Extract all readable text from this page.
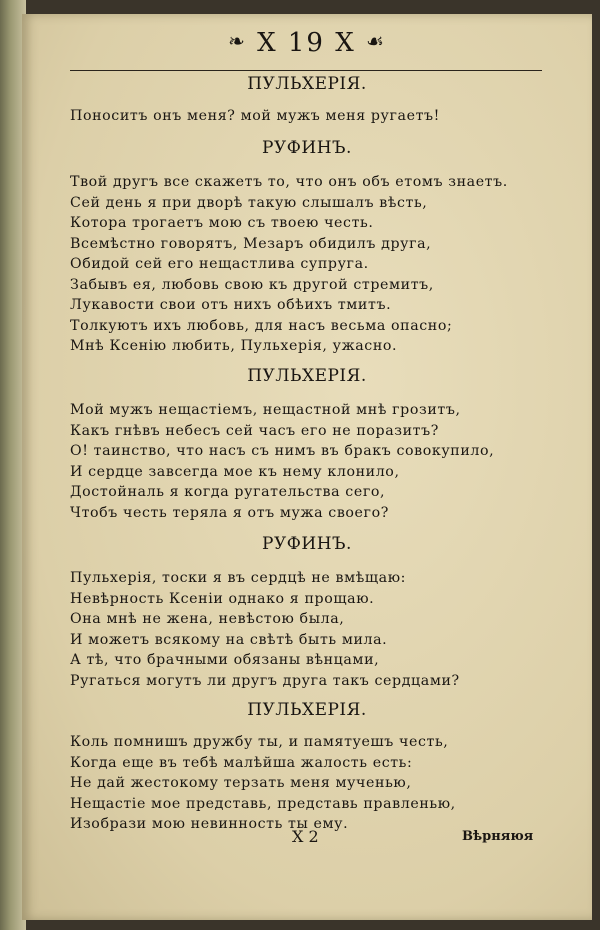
❧ X 19 X ☙
ПУЛЬХЕРІЯ.
Поноситъ онъ меня? мой мужъ меня ругаетъ!
РУФИНЪ.
Твой другъ все скажетъ то, что онъ объ етомъ знаетъ.
Сей день я при дворѣ такую слышалъ вѣсть,
Котора трогаетъ мою съ твоею честь.
Всемѣстно говорятъ, Мезаръ обидилъ друга,
Обидой сей его нещастлива супруга.
Забывъ ея, любовь свою къ другой стремитъ,
Лукавости свои отъ нихъ обѣихъ тмитъ.
Толкуютъ ихъ любовь, для насъ весьма опасно;
Мнѣ Ксенію любить, Пульхерія, ужасно.
ПУЛЬХЕРІЯ.
Мой мужъ нещастіемъ, нещастной мнѣ грозитъ,
Какъ гнѣвъ небесъ сей часъ его не поразитъ?
О! таинство, что насъ съ нимъ въ бракъ совокупило,
И сердце завсегда мое къ нему клонило,
Достойналь я когда ругательства сего,
Чтобъ честь теряла я отъ мужа своего?
РУФИНЪ.
Пульхерія, тоски я въ сердцѣ не вмѣщаю:
Невѣрность Ксеніи однако я прощаю.
Она мнѣ не жена, невѣстою была,
И можетъ всякому на свѣтѣ быть мила.
А тѣ, что брачными обязаны вѣнцами,
Ругаться могутъ ли другъ друга такъ сердцами?
ПУЛЬХЕРІЯ.
Коль помнишъ дружбу ты, и памятуешъ честь,
Когда еще въ тебѣ малѣйша жалость есть:
Не дай жестокому терзать меня мученью,
Нещастіе мое представь, представь правленью,
Изобрази мою невинность ты ему.
X 2	Вѣрняюя
